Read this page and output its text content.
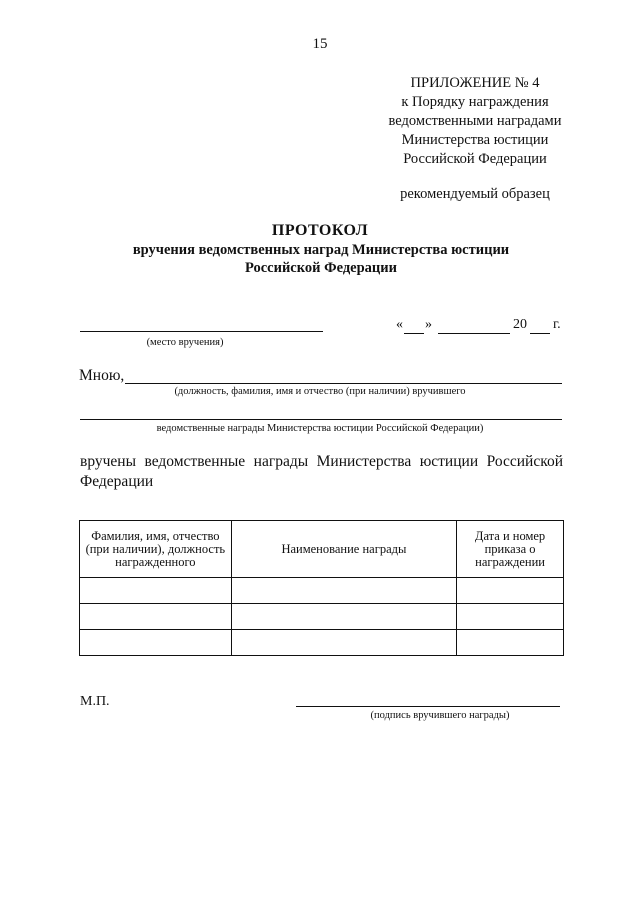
15
ПРИЛОЖЕНИЕ № 4
к Порядку награждения
ведомственными наградами
Министерства юстиции
Российской Федерации
рекомендуемый образец
ПРОТОКОЛ
вручения ведомственных наград Министерства юстиции
Российской Федерации
(место вручения)
« »	20 г.
Мною,
(должность, фамилия, имя и отчество (при наличии) вручившего
ведомственные награды Министерства юстиции Российской Федерации)
вручены ведомственные награды Министерства юстиции Российской Федерации
Фамилия, имя, отчество (при наличии), должность награжденного	Наименование награды	Дата и номер приказа о награждении

М.П.
(подпись вручившего награды)
